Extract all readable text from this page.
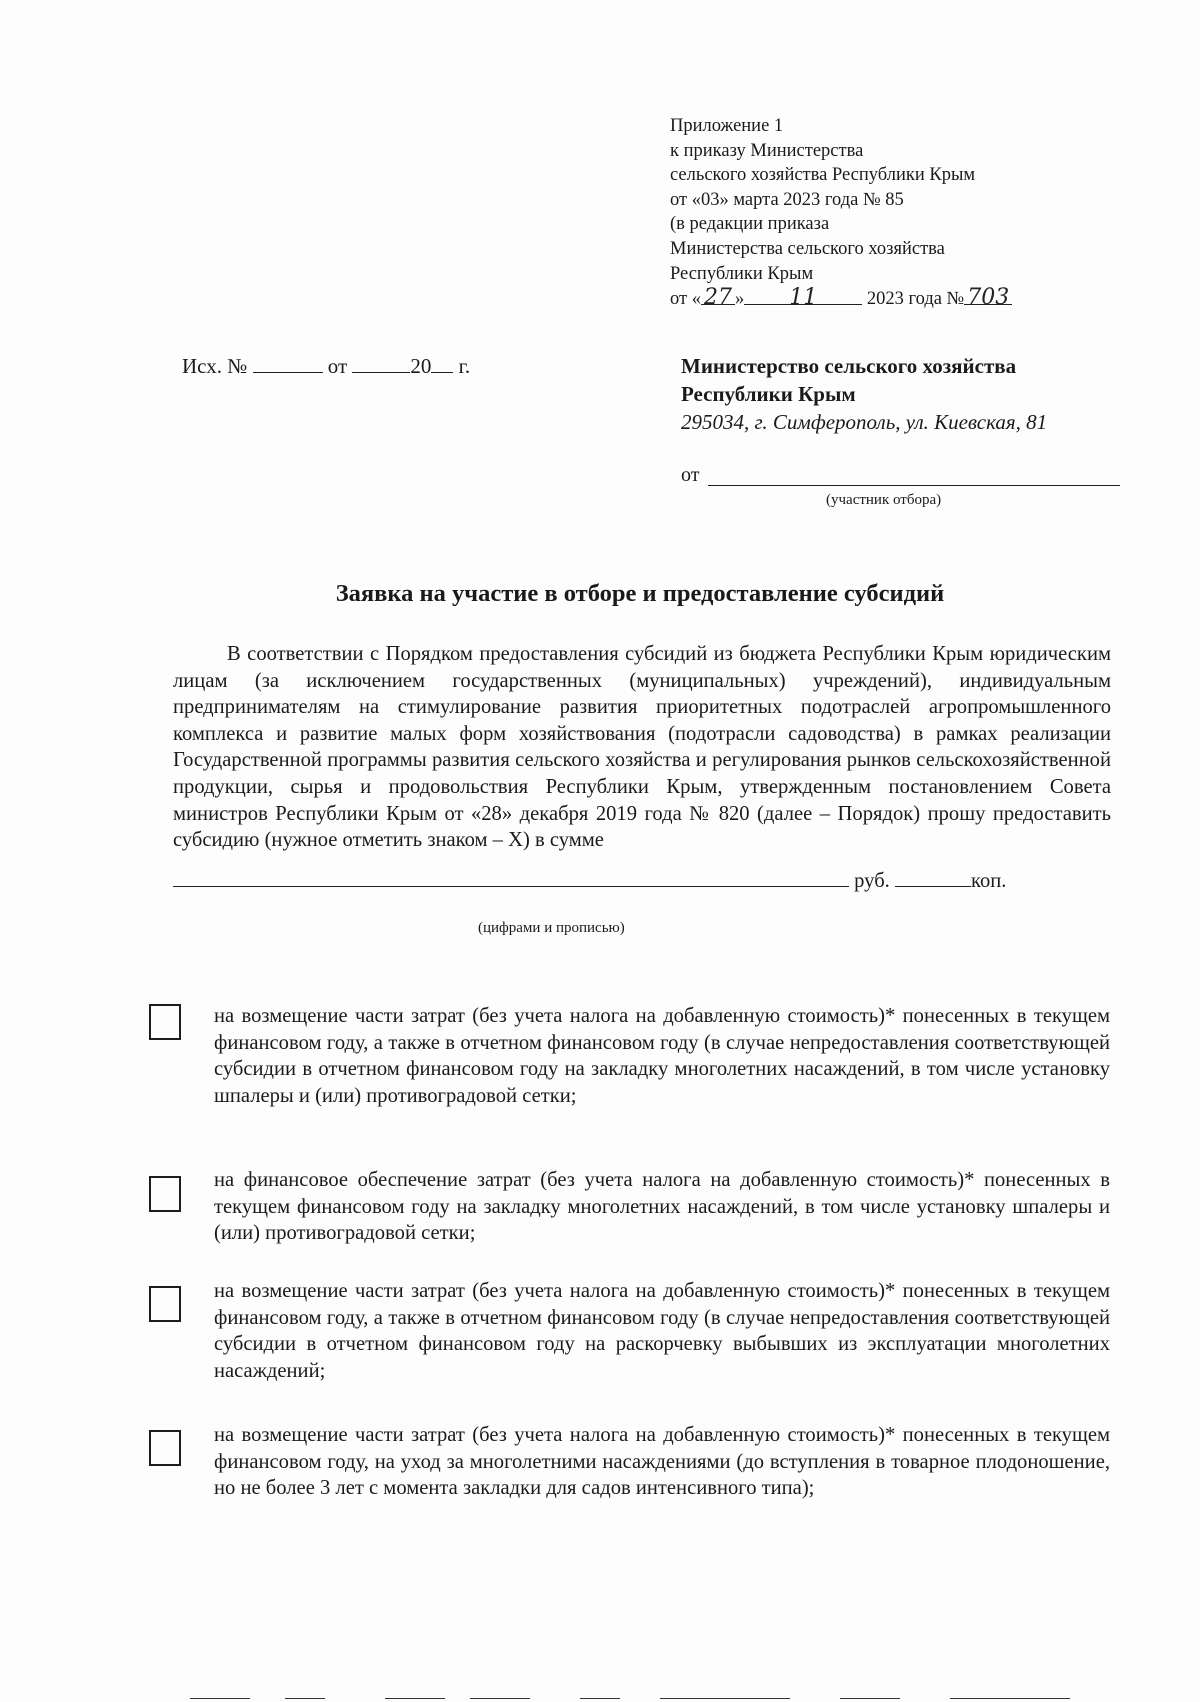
Приложение 1
к приказу Министерства
сельского хозяйства Республики Крым
от «03» марта 2023 года № 85
(в редакции приказа
Министерства сельского хозяйства
Республики Крым
от « 27 » 11	2023 года № 703
Исх. №	от	20 г.	Министерство сельского хозяйства
Республики Крым
295034, г. Симферополь, ул. Киевская, 81
от
(участник отбора)
Заявка на участие в отборе и предоставление субсидий
В соответствии с Порядком предоставления субсидий из бюджета Республики Крым юридическим лицам (за исключением государственных (муниципальных) учреждений), индивидуальным предпринимателям на стимулирование развития приоритетных подотраслей агропромышленного комплекса и развитие малых форм хозяйствования (подотрасли садоводства) в рамках реализации Государственной программы развития сельского хозяйства и регулирования рынков сельскохозяйственной продукции, сырья и продовольствия Республики Крым, утвержденным постановлением Совета министров Республики Крым от «28» декабря 2019 года № 820 (далее – Порядок) прошу предоставить субсидию (нужное отметить знаком – Х) в сумме
руб.	коп.
(цифрами и прописью)
на возмещение части затрат (без учета налога на добавленную стоимость)* понесенных в текущем финансовом году, а также в отчетном финансовом году (в случае непредоставления соответствующей субсидии в отчетном финансовом году на закладку многолетних насаждений, в том числе установку шпалеры и (или) противоградовой сетки;
на финансовое обеспечение затрат (без учета налога на добавленную стоимость)* понесенных в текущем финансовом году на закладку многолетних насаждений, в том числе установку шпалеры и (или) противоградовой сетки;
на возмещение части затрат (без учета налога на добавленную стоимость)* понесенных в текущем финансовом году, а также в отчетном финансовом году (в случае непредоставления соответствующей субсидии в отчетном финансовом году на раскорчевку выбывших из эксплуатации многолетних насаждений;
на возмещение части затрат (без учета налога на добавленную стоимость)* понесенных в текущем финансовом году, на уход за многолетними насаждениями (до вступления в товарное плодоношение, но не более 3 лет с момента закладки для садов интенсивного типа);
